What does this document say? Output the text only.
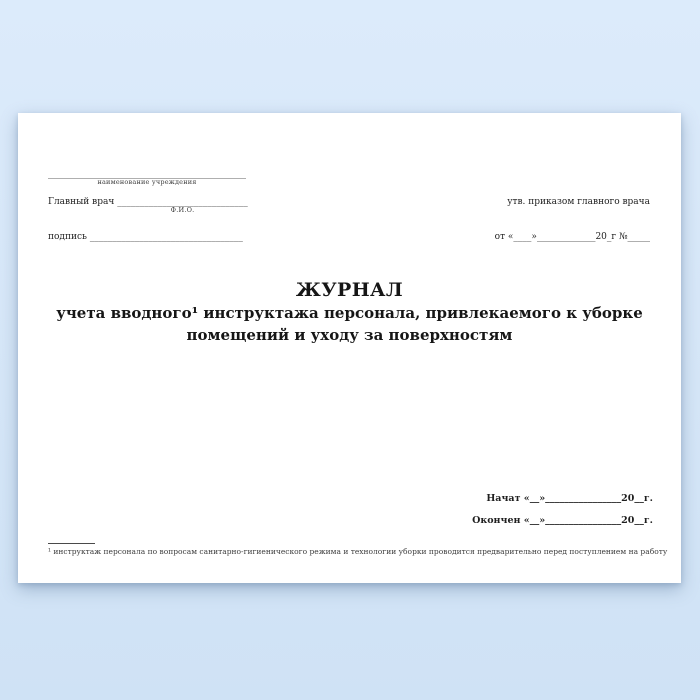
____________________________________________
наименование учреждения
Главный врач _____________________________
Ф.И.О.
подпись __________________________________
утв. приказом главного врача
от «____»_____________20_г №_____
ЖУРНАЛ
учета вводного¹ инструктажа персонала, привлекаемого к уборке
помещений и уходу за поверхностям
Начат «__»________________20__г.
Окончен «__»________________20__г.
¹ инструктаж персонала по вопросам санитарно-гигиенического режима и технологии уборки проводится предварительно перед поступлением на работу
